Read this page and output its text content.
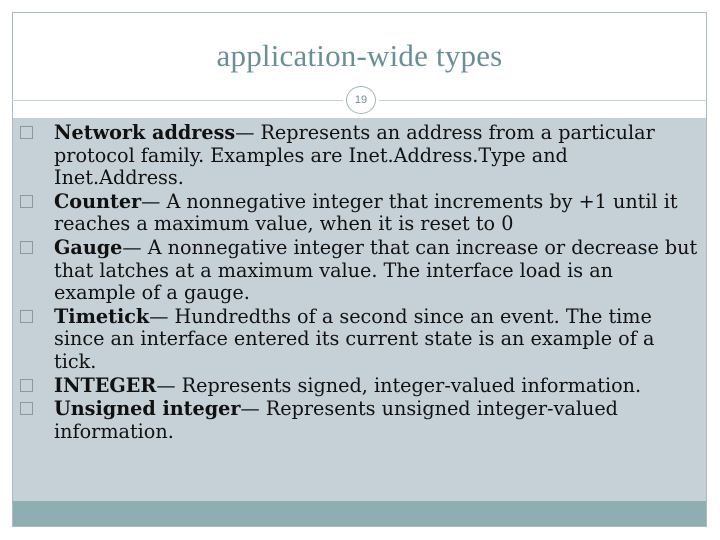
application-wide types
19
Network address— Represents an address from a particular protocol family. Examples are Inet.Address.Type and Inet.Address.
Counter— A nonnegative integer that increments by +1 until it reaches a maximum value, when it is reset to 0
Gauge— A nonnegative integer that can increase or decrease but that latches at a maximum value. The interface load is an example of a gauge.
Timetick— Hundredths of a second since an event. The time since an interface entered its current state is an example of a tick.
INTEGER— Represents signed, integer-valued information.
Unsigned integer— Represents unsigned integer-valued information.
